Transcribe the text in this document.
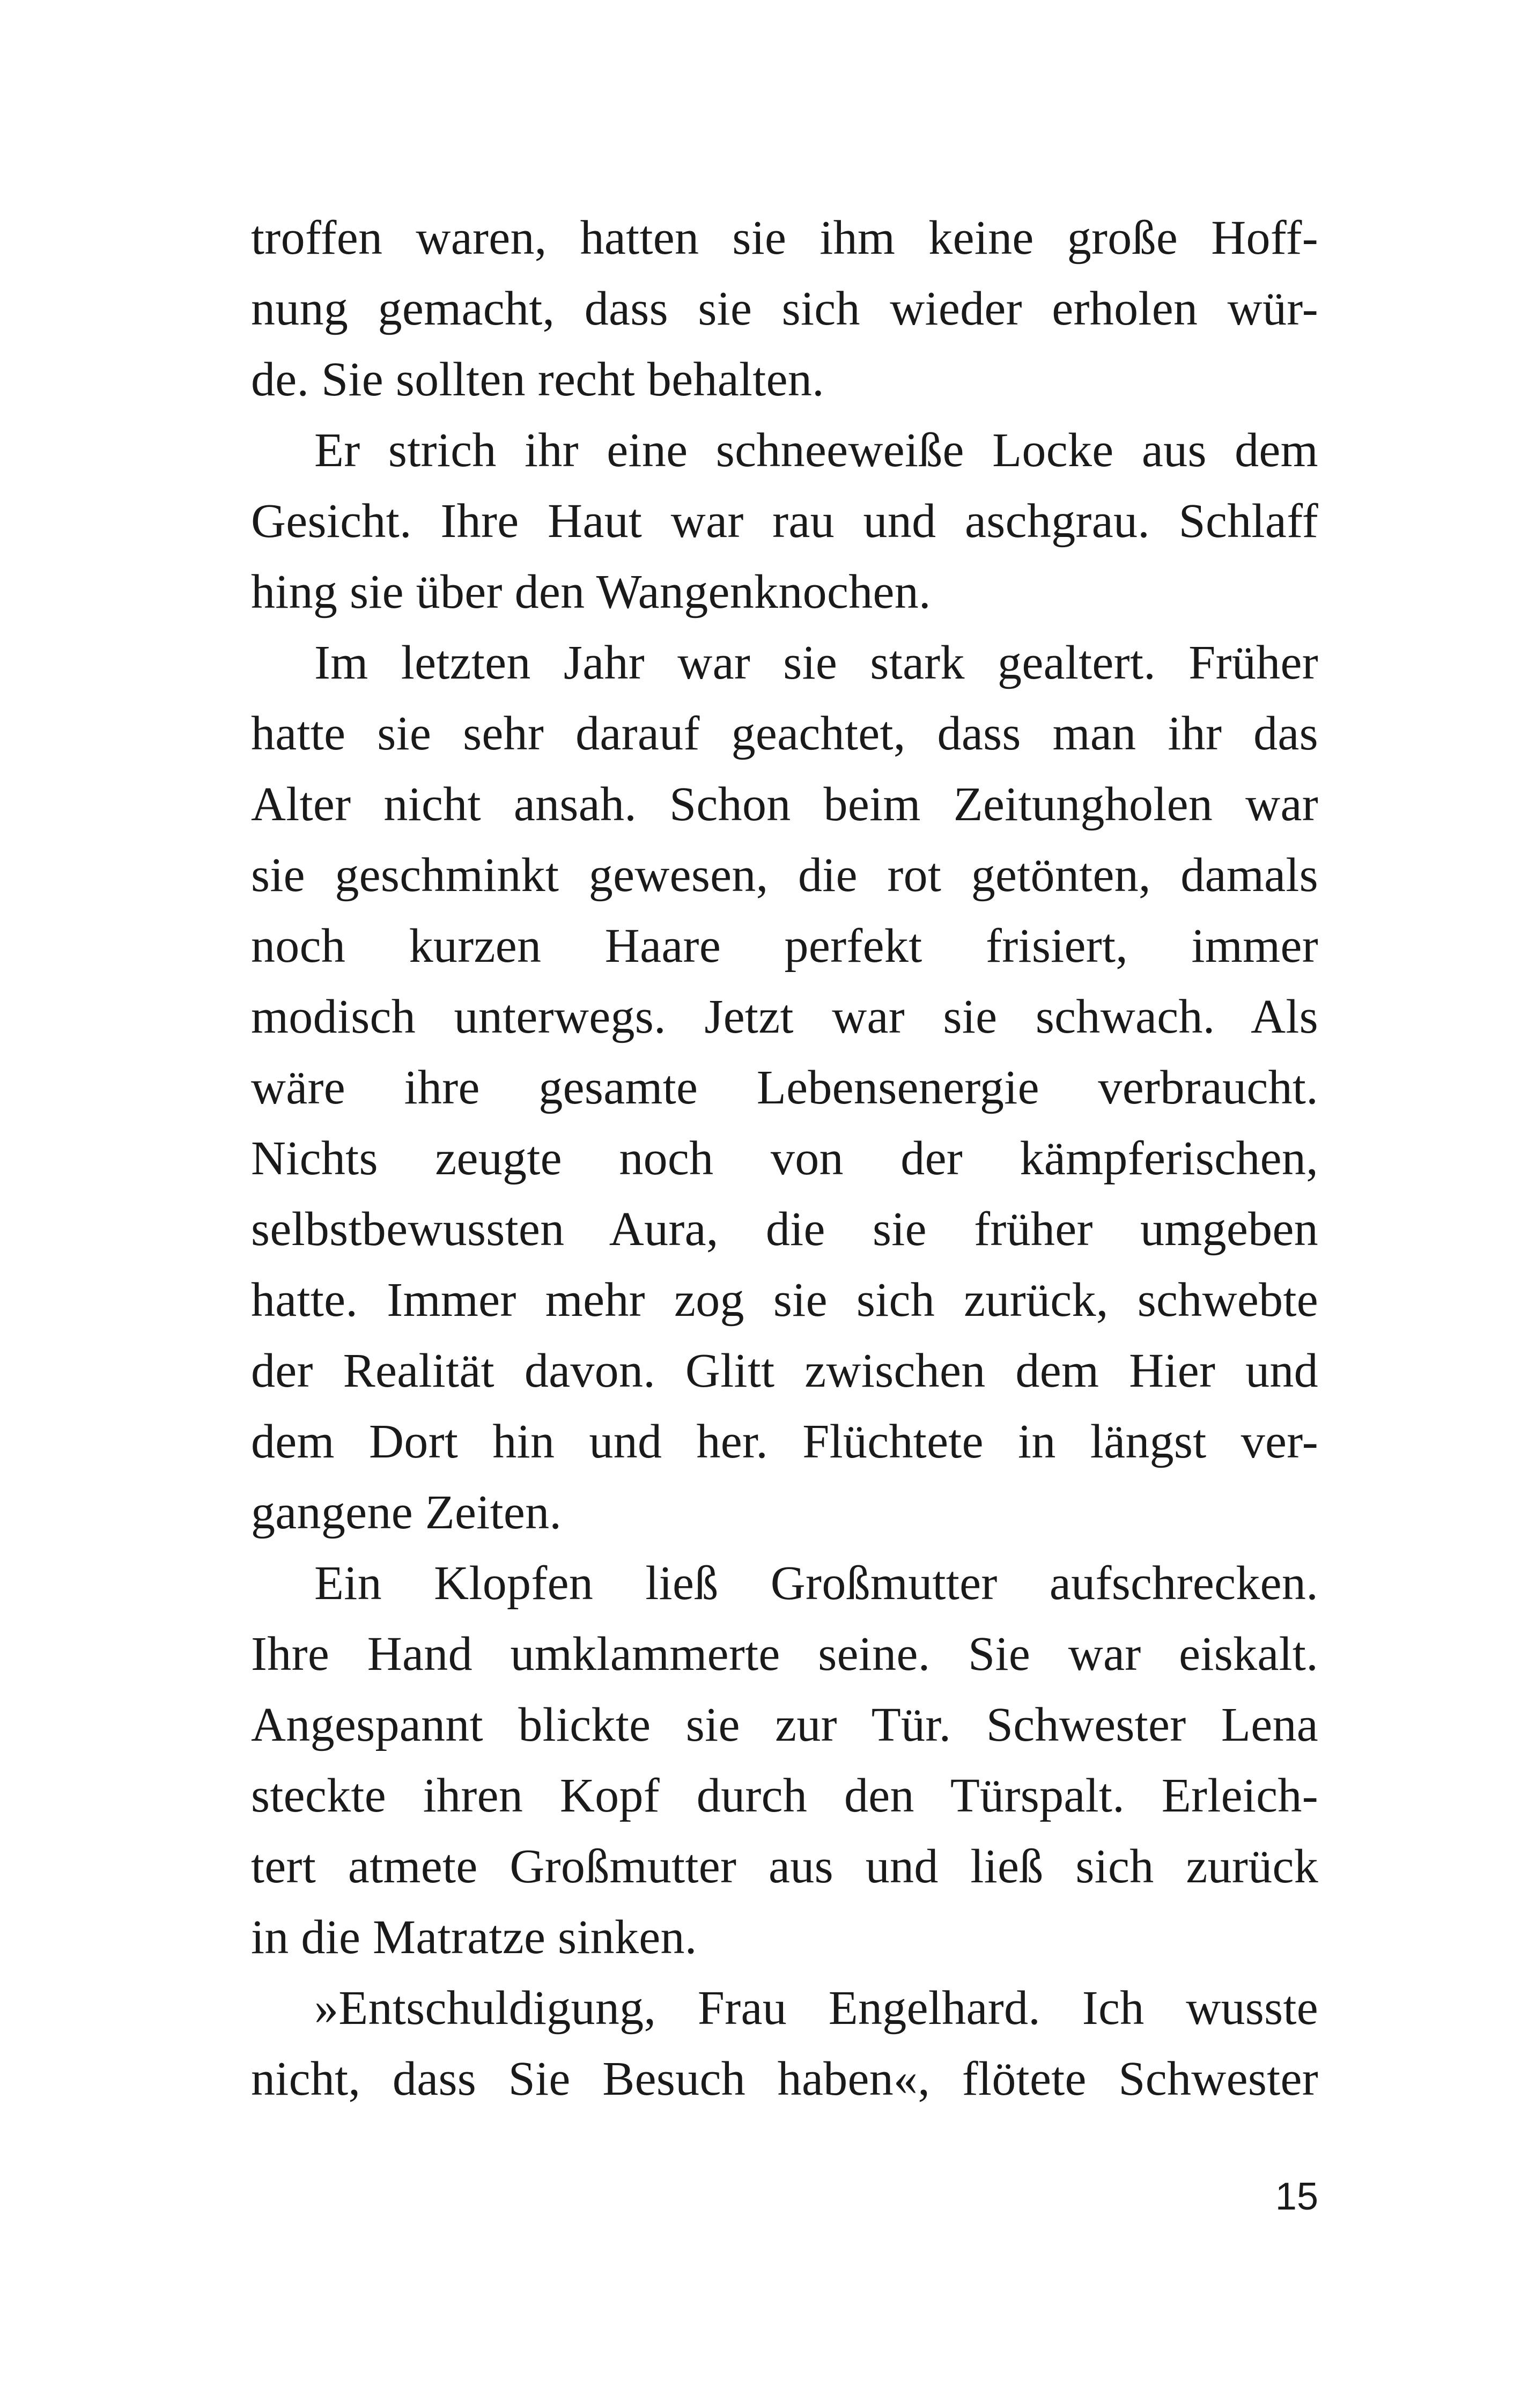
troffen waren, hatten sie ihm keine große Hoff-
nung gemacht, dass sie sich wieder erholen wür-
de. Sie sollten recht behalten.
Er strich ihr eine schneeweiße Locke aus dem
Gesicht. Ihre Haut war rau und aschgrau. Schlaff
hing sie über den Wangenknochen.
Im letzten Jahr war sie stark gealtert. Früher
hatte sie sehr darauf geachtet, dass man ihr das
Alter nicht ansah. Schon beim Zeitungholen war
sie geschminkt gewesen, die rot getönten, damals
noch kurzen Haare perfekt frisiert, immer
modisch unterwegs. Jetzt war sie schwach. Als
wäre ihre gesamte Lebensenergie verbraucht.
Nichts zeugte noch von der kämpferischen,
selbstbewussten Aura, die sie früher umgeben
hatte. Immer mehr zog sie sich zurück, schwebte
der Realität davon. Glitt zwischen dem Hier und
dem Dort hin und her. Flüchtete in längst ver-
gangene Zeiten.
Ein Klopfen ließ Großmutter aufschrecken.
Ihre Hand umklammerte seine. Sie war eiskalt.
Angespannt blickte sie zur Tür. Schwester Lena
steckte ihren Kopf durch den Türspalt. Erleich-
tert atmete Großmutter aus und ließ sich zurück
in die Matratze sinken.
»Entschuldigung, Frau Engelhard. Ich wusste
nicht, dass Sie Besuch haben«, flötete Schwester
15
